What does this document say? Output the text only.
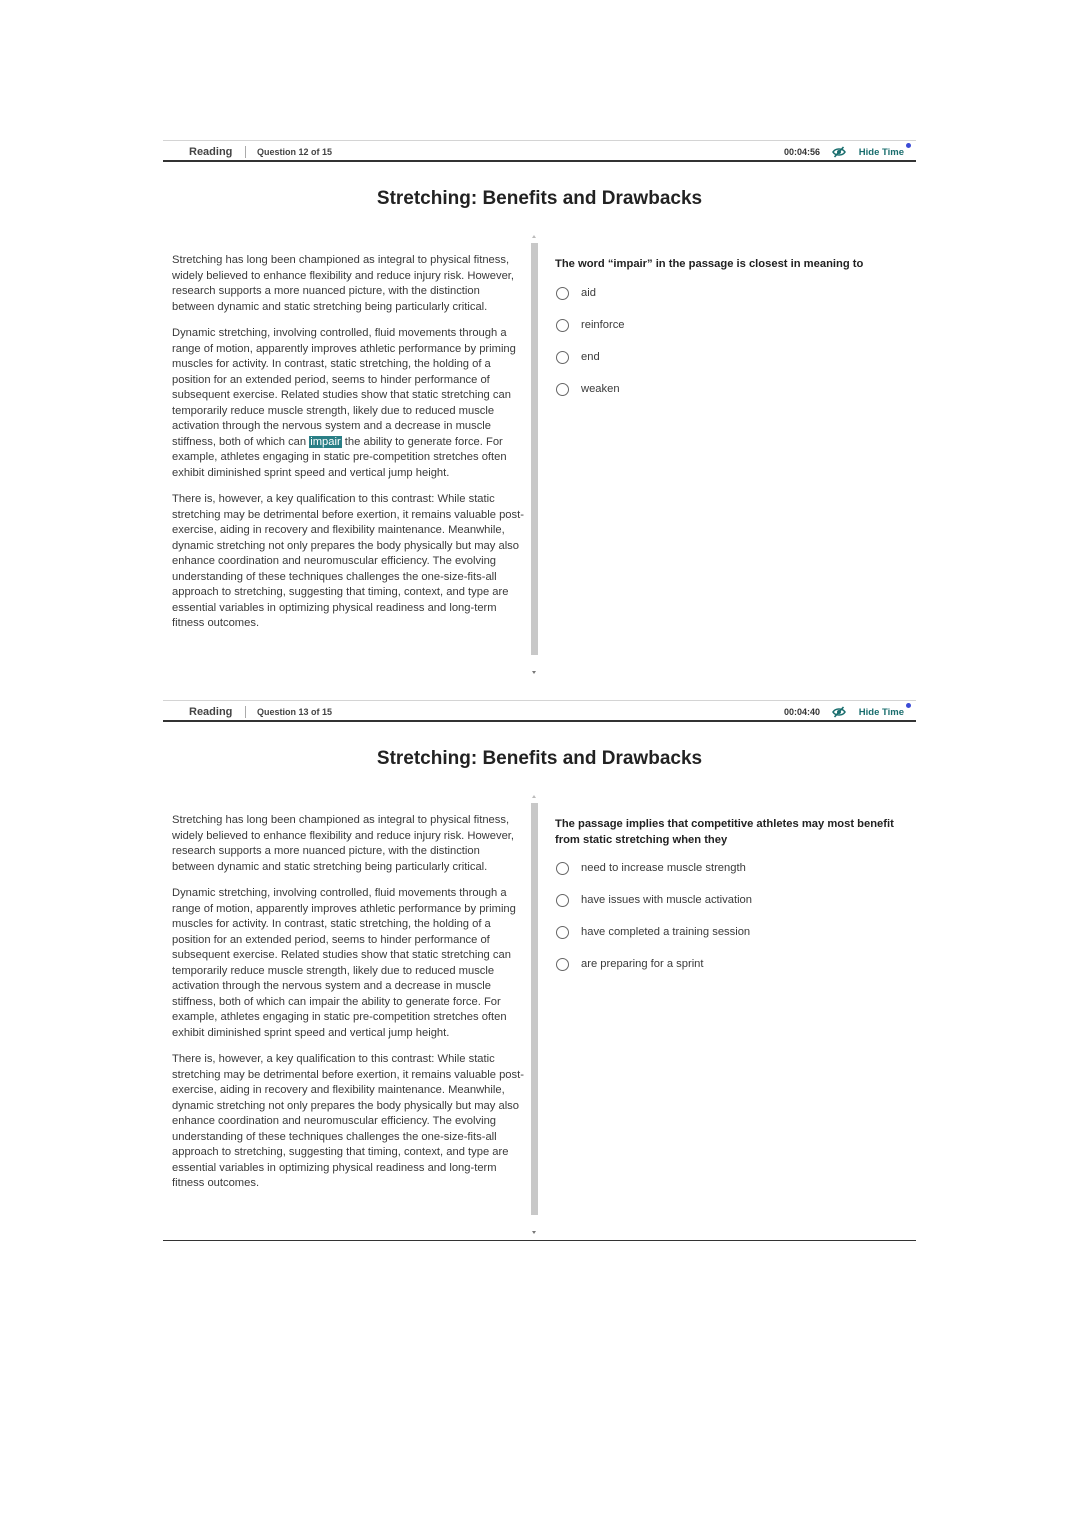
Reading	Question 12 of 15	00:04:56	Hide Time
Stretching: Benefits and Drawbacks

Stretching has long been championed as integral to physical fitness, widely believed to enhance flexibility and reduce injury risk. However, research supports a more nuanced picture, with the distinction between dynamic and static stretching being particularly critical.

Dynamic stretching, involving controlled, fluid movements through a range of motion, apparently improves athletic performance by priming muscles for activity. In contrast, static stretching, the holding of a position for an extended period, seems to hinder performance of subsequent exercise. Related studies show that static stretching can temporarily reduce muscle strength, likely due to reduced muscle activation through the nervous system and a decrease in muscle stiffness, both of which can impair the ability to generate force. For example, athletes engaging in static pre-competition stretches often exhibit diminished sprint speed and vertical jump height.

There is, however, a key qualification to this contrast: While static stretching may be detrimental before exertion, it remains valuable post-exercise, aiding in recovery and flexibility maintenance. Meanwhile, dynamic stretching not only prepares the body physically but may also enhance coordination and neuromuscular efficiency. The evolving understanding of these techniques challenges the one-size-fits-all approach to stretching, suggesting that timing, context, and type are essential variables in optimizing physical readiness and long-term fitness outcomes.

The word “impair” in the passage is closest in meaning to
aid
reinforce
end
weaken
Reading	Question 13 of 15	00:04:40	Hide Time
Stretching: Benefits and Drawbacks

Stretching has long been championed as integral to physical fitness, widely believed to enhance flexibility and reduce injury risk. However, research supports a more nuanced picture, with the distinction between dynamic and static stretching being particularly critical.

Dynamic stretching, involving controlled, fluid movements through a range of motion, apparently improves athletic performance by priming muscles for activity. In contrast, static stretching, the holding of a position for an extended period, seems to hinder performance of subsequent exercise. Related studies show that static stretching can temporarily reduce muscle strength, likely due to reduced muscle activation through the nervous system and a decrease in muscle stiffness, both of which can impair the ability to generate force. For example, athletes engaging in static pre-competition stretches often exhibit diminished sprint speed and vertical jump height.

There is, however, a key qualification to this contrast: While static stretching may be detrimental before exertion, it remains valuable post-exercise, aiding in recovery and flexibility maintenance. Meanwhile, dynamic stretching not only prepares the body physically but may also enhance coordination and neuromuscular efficiency. The evolving understanding of these techniques challenges the one-size-fits-all approach to stretching, suggesting that timing, context, and type are essential variables in optimizing physical readiness and long-term fitness outcomes.

The passage implies that competitive athletes may most benefit from static stretching when they
need to increase muscle strength
have issues with muscle activation
have completed a training session
are preparing for a sprint
